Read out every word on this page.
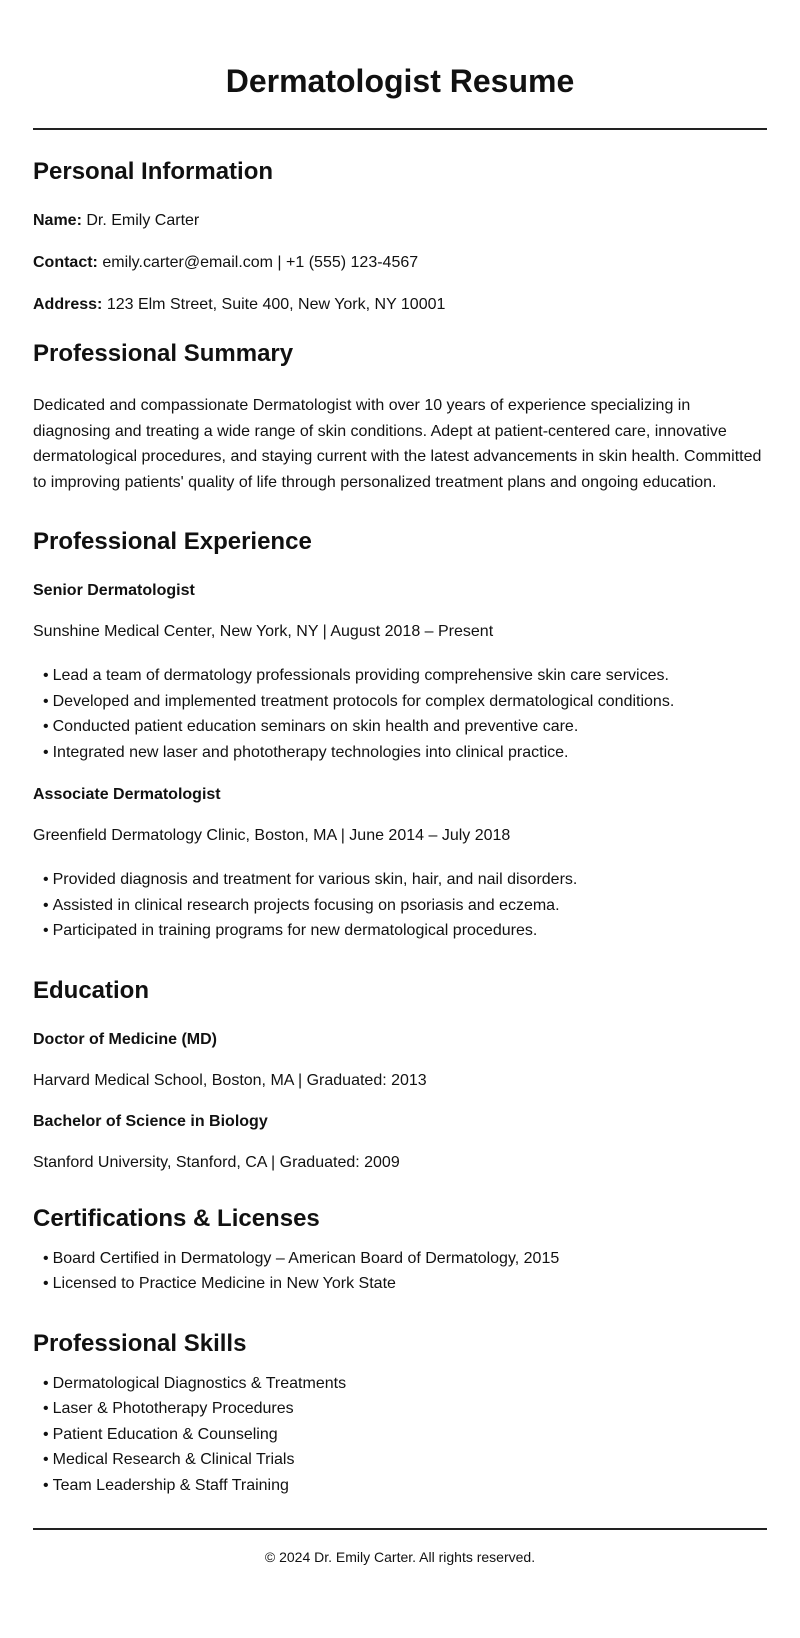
Dermatologist Resume
Personal Information

Name: Dr. Emily Carter

Contact: emily.carter@email.com | +1 (555) 123-4567

Address: 123 Elm Street, Suite 400, New York, NY 10001

Professional Summary

Dedicated and compassionate Dermatologist with over 10 years of experience specializing in diagnosing and treating a wide range of skin conditions. Adept at patient-centered care, innovative dermatological procedures, and staying current with the latest advancements in skin health. Committed to improving patients' quality of life through personalized treatment plans and ongoing education.

Professional Experience

Senior Dermatologist

Sunshine Medical Center, New York, NY | August 2018 – Present

• Lead a team of dermatology professionals providing comprehensive skin care services.
• Developed and implemented treatment protocols for complex dermatological conditions.
• Conducted patient education seminars on skin health and preventive care.
• Integrated new laser and phototherapy technologies into clinical practice.

Associate Dermatologist

Greenfield Dermatology Clinic, Boston, MA | June 2014 – July 2018

• Provided diagnosis and treatment for various skin, hair, and nail disorders.
• Assisted in clinical research projects focusing on psoriasis and eczema.
• Participated in training programs for new dermatological procedures.
Education

Doctor of Medicine (MD)

Harvard Medical School, Boston, MA | Graduated: 2013

Bachelor of Science in Biology

Stanford University, Stanford, CA | Graduated: 2009

Certifications & Licenses
• Board Certified in Dermatology – American Board of Dermatology, 2015
• Licensed to Practice Medicine in New York State
Professional Skills
• Dermatological Diagnostics & Treatments
• Laser & Phototherapy Procedures
• Patient Education & Counseling
• Medical Research & Clinical Trials
• Team Leadership & Staff Training

© 2024 Dr. Emily Carter. All rights reserved.
